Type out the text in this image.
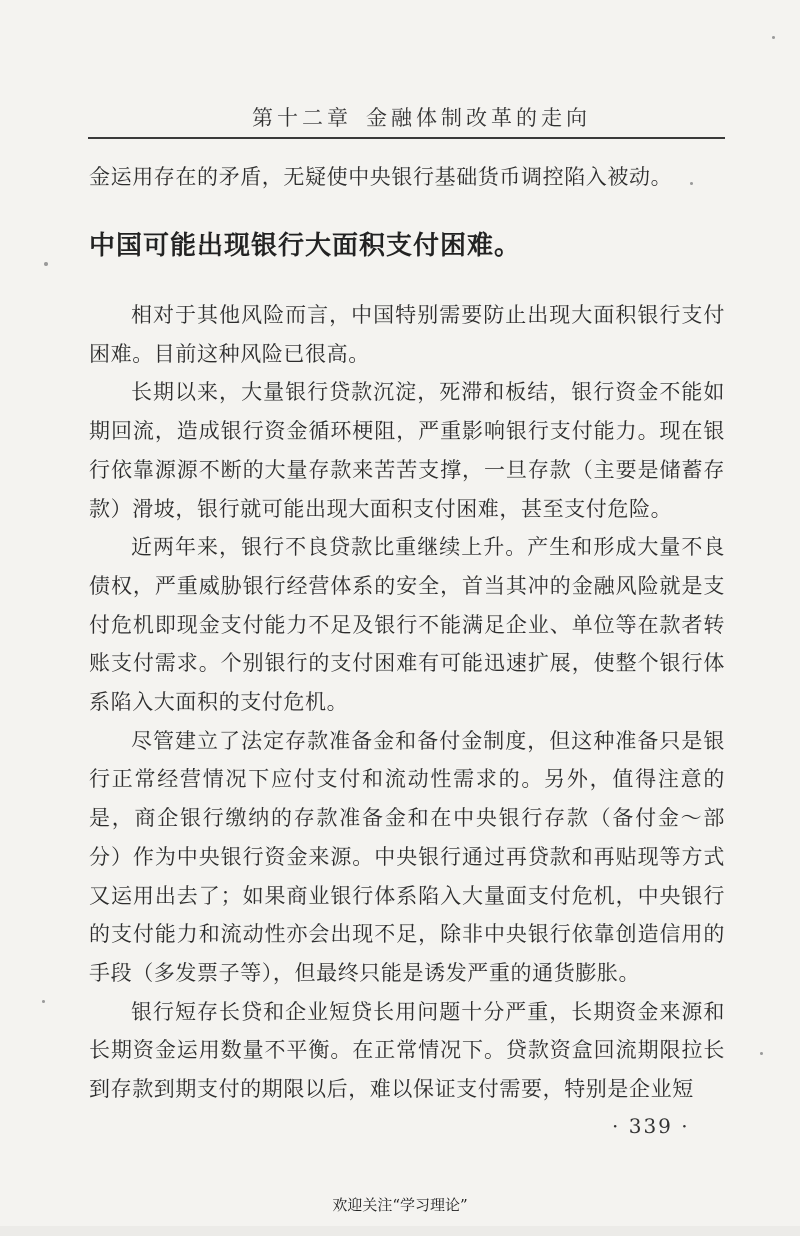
第十二章 金融体制改革的走向
金运用存在的矛盾，无疑使中央银行基础货币调控陷入被动。
中国可能出现银行大面积支付困难。

相对于其他风险而言，中国特别需要防止出现大面积银行支付困难。目前这种风险已很高。

长期以来，大量银行贷款沉淀，死滞和板结，银行资金不能如期回流，造成银行资金循环梗阻，严重影响银行支付能力。现在银行依靠源源不断的大量存款来苦苦支撑，一旦存款（主要是储蓄存款）滑坡，银行就可能出现大面积支付困难，甚至支付危险。

近两年来，银行不良贷款比重继续上升。产生和形成大量不良债权，严重威胁银行经营体系的安全，首当其冲的金融风险就是支付危机即现金支付能力不足及银行不能满足企业、单位等在款者转账支付需求。个别银行的支付困难有可能迅速扩展，使整个银行体系陷入大面积的支付危机。

尽管建立了法定存款准备金和备付金制度，但这种准备只是银行正常经营情况下应付支付和流动性需求的。另外，值得注意的是，商企银行缴纳的存款准备金和在中央银行存款（备付金～部分）作为中央银行资金来源。中央银行通过再贷款和再贴现等方式又运用出去了；如果商业银行体系陷入大量面支付危机，中央银行的支付能力和流动性亦会出现不足，除非中央银行依靠创造信用的手段（多发票子等），但最终只能是诱发严重的通货膨胀。

银行短存长贷和企业短贷长用问题十分严重，长期资金来源和长期资金运用数量不平衡。在正常情况下。贷款资盒回流期限拉长到存款到期支付的期限以后，难以保证支付需要，特别是企业短

· 339 ·
欢迎关注“学习理论”
